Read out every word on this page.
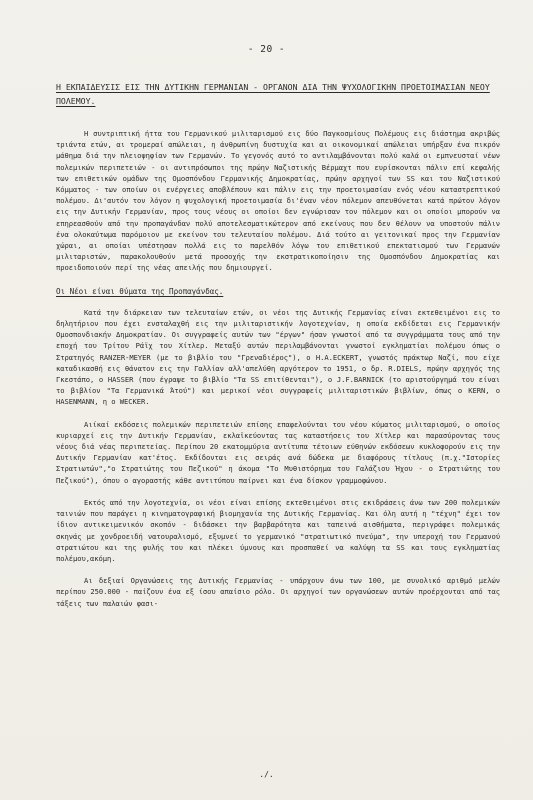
- 20 -
Η ΕΚΠΑΙΔΕΥΣΙΣ ΕΙΣ ΤΗΝ ΔΥΤΙΚΗΝ ΓΕΡΜΑΝΙΑΝ - ΟΡΓΑΝΟΝ ΔΙΑ ΤΗΝ ΨΥΧΟΛΟΓΙΚΗΝ ΠΡΟΕΤΟΙΜΑΣΙΑΝ ΝΕΟΥ ΠΟΛΕΜΟΥ.

Η συντριπτική ήττα του Γερμανικού μιλιταρισμού εις δύο Παγκοσμίους Πολέμους εις διάστημα ακριβώς τριάντα ετών, αι τρομεραί απώλειαι, η άνθρωπίνη δυστυχία και αι οικονομικαί απώλειαι υπήρξαν ένα πικρόν μάθημα διά την πλειοψηφίαν των Γερμανών. Το γεγονός αυτό το αντιλαμβάνονται πολύ καλά οι εμπνευσταί νέων πολεμικών περιπετειών - οι αντιπρόσωποι της πρώην Ναζιστικής Βέρμαχτ που ευρίσκονται πάλιν επί κεφαλής των επιθετικών ομάδων της Ομοσπόνδου Γερμανικής Δημοκρατίας, πρώην αρχηγοί των SS και του Ναζιστικού Κόμματος - των οποίων οι ενέργειες αποβλέπουν και πάλιν εις την προετοιμασίαν ενός νέου καταστρεπτικού πολέμου. Δι'αυτόν τον λόγον η ψυχολογική προετοιμασία δι'έναν νέον πόλεμον απευθύνεται κατά πρώτον λόγον εις την Δυτικήν Γερμανίαν, προς τους νέους οι οποίοι δεν εγνώρισαν τον πόλεμον και οι οποίοι μπορούν να επηρεασθούν από την προπαγάνδαν πολύ αποτελεσματικώτερον από εκείνους που δεν θέλουν να υποστούν πάλιν ένα ολοκαύτωμα παρόμοιον με εκείνον του τελευταίου πολέμου. Διά τούτο αι γειτονικαί προς την Γερμανίαν χώραι, αι οποίαι υπέστησαν πολλά εις το παρελθόν λόγω του επιθετικού επεκτατισμού των Γερμανών μιλιταριστών, παρακολουθούν μετά προσοχής την εκστρατικοποίησιν της Ομοσπόνδου Δημοκρατίας και προειδοποιούν περί της νέας απειλής που δημιουργεί.

Οι Νέοι είναι θύματα της Προπαγάνδας.

Κατά την διάρκειαν των τελευταίων ετών, οι νέοι της Δυτικής Γερμανίας είναι εκτεθειμένοι εις το δηλητήριον που έχει ενσταλαχθή εις την μιλιταριστικήν λογοτεχνίαν, η οποία εκδίδεται εις Γερμανικήν Ομοσπονδιακήν Δημοκρατίαν. Οι συγγραφείς αυτών των "έργων" ήσαν γνωστοί από τα συγγράμματα τους από την εποχή του Τρίτου Ράϊχ του Χίτλερ. Μεταξύ αυτών περιλαμβάνονται γνωστοί εγκληματίαι πολέμου όπως ο Στρατηγός RANZER-MEYER (με το βιβλίο του "Γρεναδιέρος"), ο H.A.ECKERT, γνωστός πράκτωρ Ναζί, που είχε καταδικασθή εις θάνατον εις την Γαλλίαν αλλ'απελύθη αργότερον το 1951, ο δρ. R.DIELS, πρώην αρχηγός της Γκεστάπο, ο HASSER (που έγραψε το βιβλίο "Τα SS επιτίθενται"), ο J.F.BARNICK (το αριστούργημά του είναι το βιβλίον "Τα Γερμανικά Άτού") και μερικοί νέοι συγγραφείς μιλιταριστικών βιβλίων, όπως ο KERN, ο HASENMANN, η ο WECKER.

Αιίκαί εκδόσεις πολεμικών περιπετειών επίσης επαφελούνται του νέου κύματος μιλιταρισμού, ο οποίος κυριαρχεί εις την Δυτικήν Γερμανίαν, εκλαϊκεύοντας τας καταστήσεις του Χίτλερ και παρασύροντας τους νέους διά νέας περιπετείας. Περίπου 20 εκατομμύρια αντίτυπα τέτοιων εύθηνών εκδόσεων κυκλοφορούν εις την Δυτικήν Γερμανίαν κατ'έτος. Εκδίδονται εις σειράς ανά δώδεκα με διαφόρους τίτλους (π.χ."Ιστορίες Στρατιωτών","ο Στρατιώτης του Πεζικού" η άκομα "Το Μυθιστόρημα του Γαλάζιου Ήχου - ο Στρατιώτης του Πεζικού"), όπου ο αγοραστής κάθε αντιτύπου παίρνει και ένα δίσκον γραμμοφώνου.

Εκτός από την λογοτεχνία, οι νέοι είναι επίσης εκτεθειμένοι στις εκιδράσεις άνω των 200 πολεμικών ταινιών που παράγει η κινηματογραφική βιομηχανία της Δυτικής Γερμανίας. Και όλη αυτή η "τέχνη" έχει τον ίδιον αντικειμενικόν σκοπόν - διδάσκει την βαρβαρότητα και ταπεινά αισθήματα, περιγράφει πολεμικάς σκηνάς με χονδροειδή νατουραλισμό, εξυμνεί το γερμανικό "στρατιωτικό πνεύμα", την υπεροχή του Γερμανού στρατιώτου και της φυλής του και πλέκει ύμνους και προσπαθεί να καλύψη τα SS και τους εγκληματίας πολέμου,ακόμη.

Αι δεξιαί Οργανώσεις της Δυτικής Γερμανίας - υπάρχουν άνω των 100, με συνολικό αριθμό μελών περίπου 250.000 - παίζουν ένα εξ ίσου απαίσιο ρόλο. Οι αρχηγοί των οργανώσεων αυτών προέρχονται από τας τάξεις των παλαιών φασι-

./.
